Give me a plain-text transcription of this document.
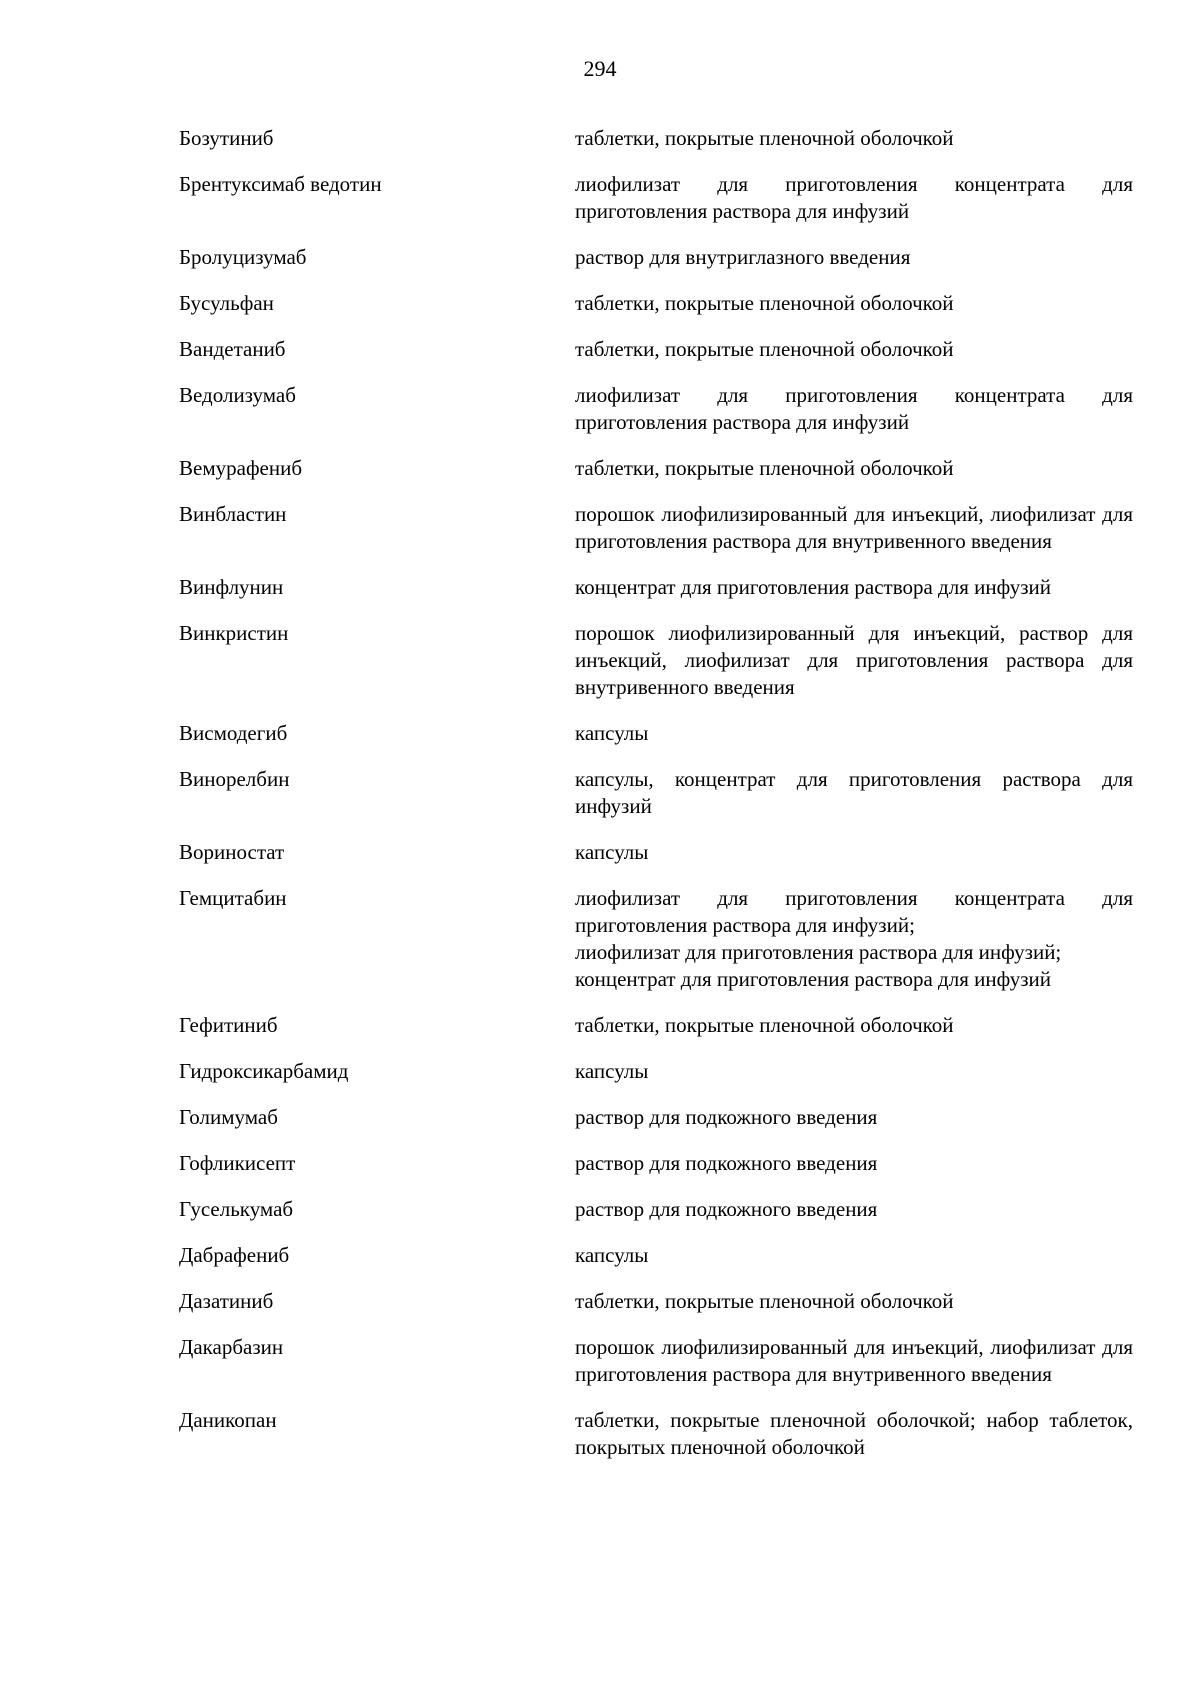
294
Бозутиниб	таблетки, покрытые пленочной оболочкой
Брентуксимаб ведотин	лиофилизат для приготовления концентрата для приготовления раствора для инфузий
Бролуцизумаб	раствор для внутриглазного введения
Бусульфан	таблетки, покрытые пленочной оболочкой
Вандетаниб	таблетки, покрытые пленочной оболочкой
Ведолизумаб	лиофилизат для приготовления концентрата для приготовления раствора для инфузий
Вемурафениб	таблетки, покрытые пленочной оболочкой
Винбластин	порошок лиофилизированный для инъекций, лиофилизат для приготовления раствора для внутривенного введения
Винфлунин	концентрат для приготовления раствора для инфузий
Винкристин	порошок лиофилизированный для инъекций, раствор для инъекций, лиофилизат для приготовления раствора для внутривенного введения
Висмодегиб	капсулы
Винорелбин	капсулы, концентрат для приготовления раствора для инфузий
Вориностат	капсулы
Гемцитабин	лиофилизат для приготовления концентрата для приготовления раствора для инфузий;
лиофилизат для приготовления раствора для инфузий;
концентрат для приготовления раствора для инфузий
Гефитиниб	таблетки, покрытые пленочной оболочкой
Гидроксикарбамид	капсулы
Голимумаб	раствор для подкожного введения
Гофликисепт	раствор для подкожного введения
Гуселькумаб	раствор для подкожного введения
Дабрафениб	капсулы
Дазатиниб	таблетки, покрытые пленочной оболочкой
Дакарбазин	порошок лиофилизированный для инъекций, лиофилизат для приготовления раствора для внутривенного введения
Даникопан	таблетки, покрытые пленочной оболочкой; набор таблеток, покрытых пленочной оболочкой
